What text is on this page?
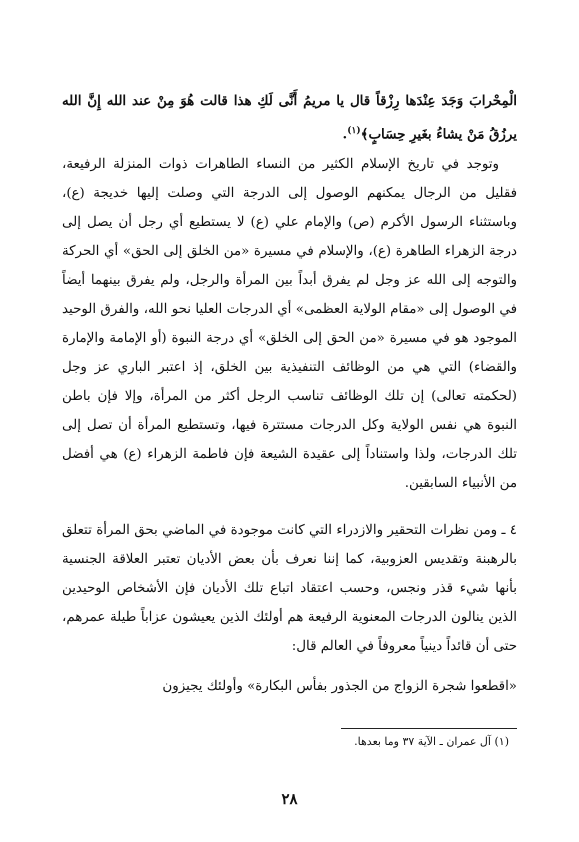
الْمِحْرابَ وَجَدَ عِنْدَها رِزْقاً قال يا مريمُ أَنَّى لَكِ هذا قالت هُوَ مِنْ عند الله إِنَّ الله يرزُقُ مَنْ يشاءُ بغَيرِ حِسَابٍ﴾$^{(١)}$.
وتوجد في تاريخ الإسلام الكثير من النساء الطاهرات ذوات المنزلة الرفيعة، فقليل من الرجال يمكنهم الوصول إلى الدرجة التي وصلت إليها خديجة (ع)، وباستثناء الرسول الأكرم (ص) والإمام علي (ع) لا يستطيع أي رجل أن يصل إلى درجة الزهراء الطاهرة (ع)، والإسلام في مسيرة «من الخلق إلى الحق» أي الحركة والتوجه إلى الله عز وجل لم يفرق أبداً بين المرأة والرجل، ولم يفرق بينهما أيضاً في الوصول إلى «مقام الولاية العظمى» أي الدرجات العليا نحو الله، والفرق الوحيد الموجود هو في مسيرة «من الحق إلى الخلق» أي درجة النبوة (أو الإمامة والإمارة والقضاء) التي هي من الوظائف التنفيذية بين الخلق، إذ اعتبر الباري عز وجل (لحكمته تعالى) إن تلك الوظائف تناسب الرجل أكثر من المرأة، وإلا فإن باطن النبوة هي نفس الولاية وكل الدرجات مستترة فيها، وتستطيع المرأة أن تصل إلى تلك الدرجات، ولذا واستناداً إلى عقيدة الشيعة فإن فاطمة الزهراء (ع) هي أفضل من الأنبياء السابقين.
٤ ـ ومن نظرات التحقير والازدراء التي كانت موجودة في الماضي بحق المرأة تتعلق بالرهبنة وتقديس العزوبية، كما إننا نعرف بأن بعض الأديان تعتبر العلاقة الجنسية بأنها شيء قذر ونجس، وحسب اعتقاد اتباع تلك الأديان فإن الأشخاص الوحيدين الذين ينالون الدرجات المعنوية الرفيعة هم أولئك الذين يعيشون عزاباً طيلة عمرهم، حتى أن قائداً دينياً معروفاً في العالم قال:
«اقطعوا شجرة الزواج من الجذور بفأس البكارة» وأولئك يجيزون
(١) آل عمران ـ الآية ٣٧ وما بعدها.
٢٨
